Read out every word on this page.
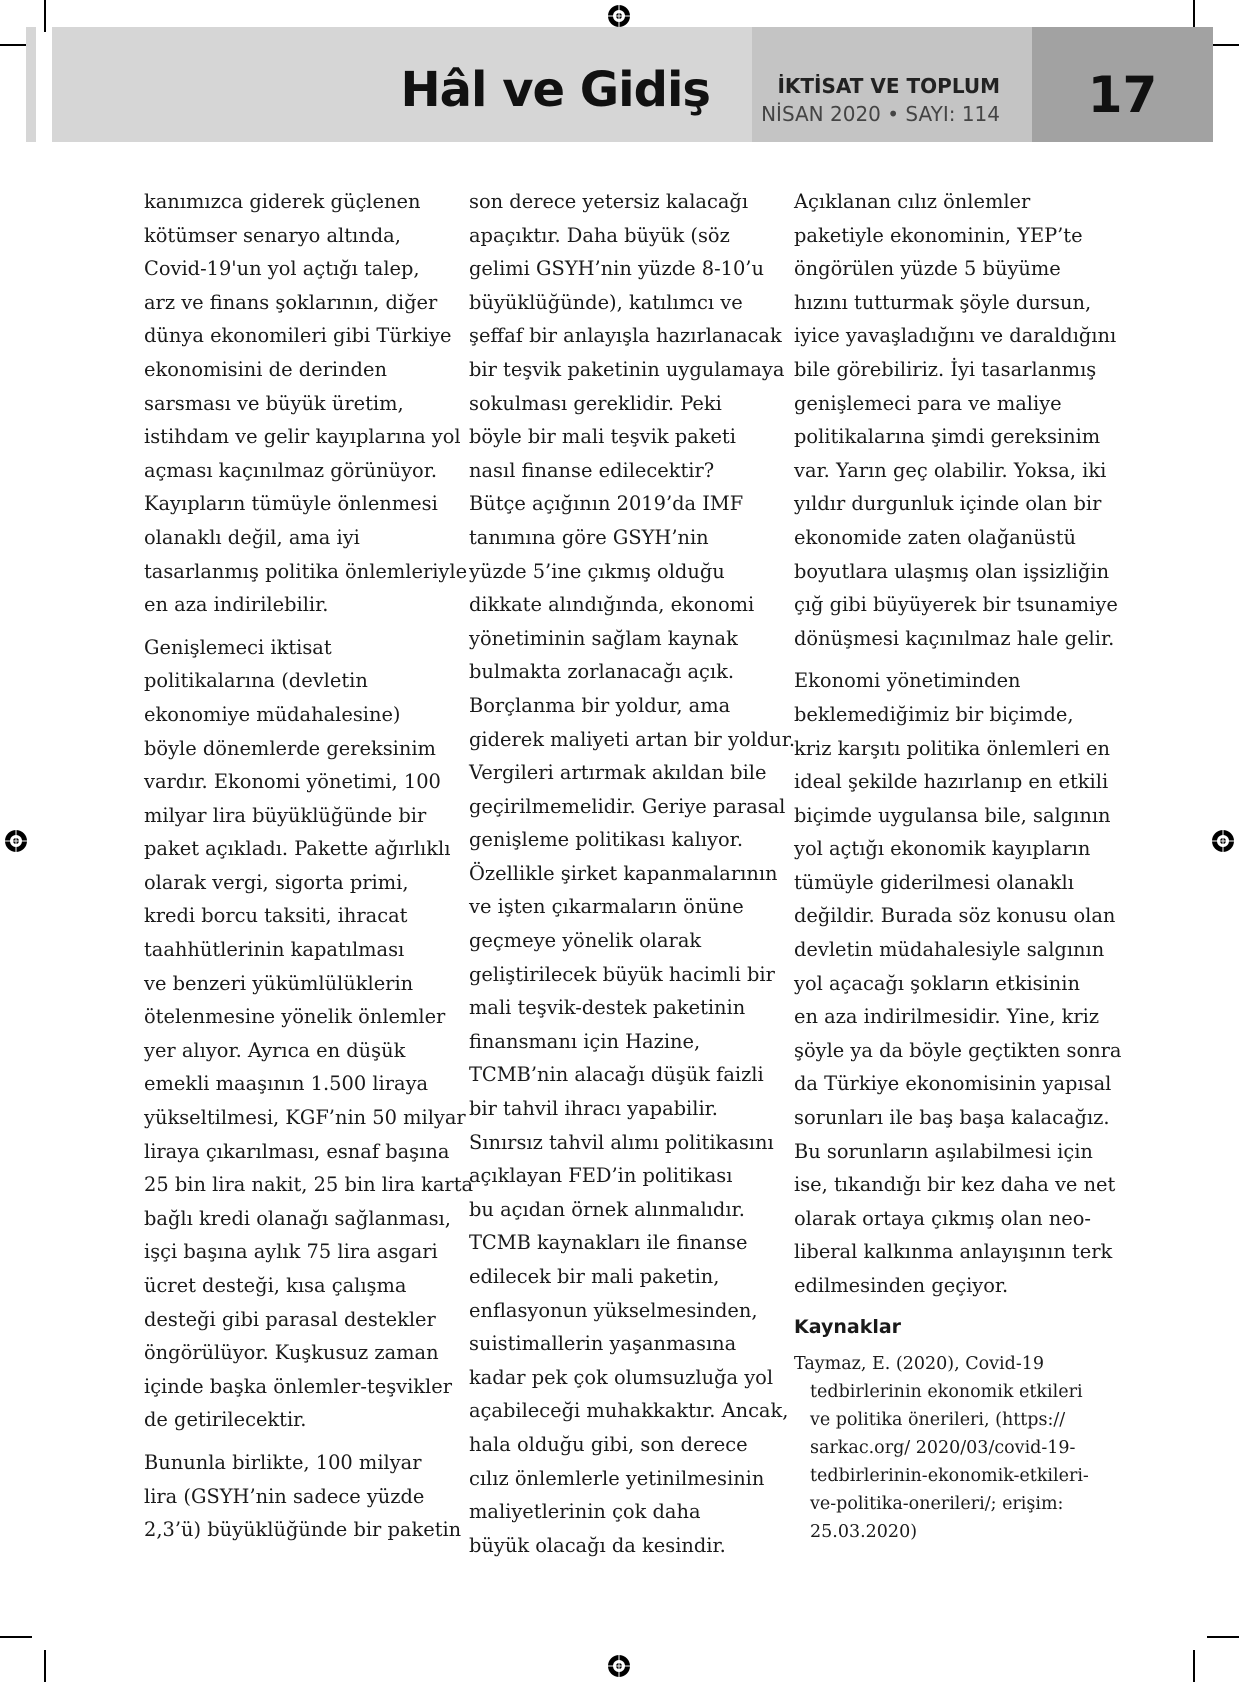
Hâl ve Gidiş	İKTİSAT VE TOPLUM
NİSAN 2020 • SAYI: 114	17

kanımızca giderek güçlenen
kötümser senaryo altında,
Covid-19'un yol açtığı talep,
arz ve finans şoklarının, diğer
dünya ekonomileri gibi Türkiye
ekonomisini de derinden
sarsması ve büyük üretim,
istihdam ve gelir kayıplarına yol
açması kaçınılmaz görünüyor.
Kayıpların tümüyle önlenmesi
olanaklı değil, ama iyi
tasarlanmış politika önlemleriyle
en aza indirilebilir.

Genişlemeci iktisat
politikalarına (devletin
ekonomiye müdahalesine)
böyle dönemlerde gereksinim
vardır. Ekonomi yönetimi, 100
milyar lira büyüklüğünde bir
paket açıkladı. Pakette ağırlıklı
olarak vergi, sigorta primi,
kredi borcu taksiti, ihracat
taahhütlerinin kapatılması
ve benzeri yükümlülüklerin
ötelenmesine yönelik önlemler
yer alıyor. Ayrıca en düşük
emekli maaşının 1.500 liraya
yükseltilmesi, KGF’nin 50 milyar
liraya çıkarılması, esnaf başına
25 bin lira nakit, 25 bin lira karta
bağlı kredi olanağı sağlanması,
işçi başına aylık 75 lira asgari
ücret desteği, kısa çalışma
desteği gibi parasal destekler
öngörülüyor. Kuşkusuz zaman
içinde başka önlemler-teşvikler
de getirilecektir.

Bununla birlikte, 100 milyar
lira (GSYH’nin sadece yüzde
2,3’ü) büyüklüğünde bir paketin

son derece yetersiz kalacağı
apaçıktır. Daha büyük (söz
gelimi GSYH’nin yüzde 8-10’u
büyüklüğünde), katılımcı ve
şeffaf bir anlayışla hazırlanacak
bir teşvik paketinin uygulamaya
sokulması gereklidir. Peki
böyle bir mali teşvik paketi
nasıl finanse edilecektir?
Bütçe açığının 2019’da IMF
tanımına göre GSYH’nin
yüzde 5’ine çıkmış olduğu
dikkate alındığında, ekonomi
yönetiminin sağlam kaynak
bulmakta zorlanacağı açık.
Borçlanma bir yoldur, ama
giderek maliyeti artan bir yoldur.
Vergileri artırmak akıldan bile
geçirilmemelidir. Geriye parasal
genişleme politikası kalıyor.
Özellikle şirket kapanmalarının
ve işten çıkarmaların önüne
geçmeye yönelik olarak
geliştirilecek büyük hacimli bir
mali teşvik-destek paketinin
finansmanı için Hazine,
TCMB’nin alacağı düşük faizli
bir tahvil ihracı yapabilir.
Sınırsız tahvil alımı politikasını
açıklayan FED’in politikası
bu açıdan örnek alınmalıdır.
TCMB kaynakları ile finanse
edilecek bir mali paketin,
enflasyonun yükselmesinden,
suistimallerin yaşanmasına
kadar pek çok olumsuzluğa yol
açabileceği muhakkaktır. Ancak,
hala olduğu gibi, son derece
cılız önlemlerle yetinilmesinin
maliyetlerinin çok daha
büyük olacağı da kesindir.

Açıklanan cılız önlemler
paketiyle ekonominin, YEP’te
öngörülen yüzde 5 büyüme
hızını tutturmak şöyle dursun,
iyice yavaşladığını ve daraldığını
bile görebiliriz. İyi tasarlanmış
genişlemeci para ve maliye
politikalarına şimdi gereksinim
var. Yarın geç olabilir. Yoksa, iki
yıldır durgunluk içinde olan bir
ekonomide zaten olağanüstü
boyutlara ulaşmış olan işsizliğin
çığ gibi büyüyerek bir tsunamiye
dönüşmesi kaçınılmaz hale gelir.

Ekonomi yönetiminden
beklemediğimiz bir biçimde,
kriz karşıtı politika önlemleri en
ideal şekilde hazırlanıp en etkili
biçimde uygulansa bile, salgının
yol açtığı ekonomik kayıpların
tümüyle giderilmesi olanaklı
değildir. Burada söz konusu olan
devletin müdahalesiyle salgının
yol açacağı şokların etkisinin
en aza indirilmesidir. Yine, kriz
şöyle ya da böyle geçtikten sonra
da Türkiye ekonomisinin yapısal
sorunları ile baş başa kalacağız.
Bu sorunların aşılabilmesi için
ise, tıkandığı bir kez daha ve net
olarak ortaya çıkmış olan neo-
liberal kalkınma anlayışının terk
edilmesinden geçiyor.

Kaynaklar
Taymaz, E. (2020), Covid-19
tedbirlerinin ekonomik etkileri
ve politika önerileri, (https://
sarkac.org/ 2020/03/covid-19-
tedbirlerinin-ekonomik-etkileri-
ve-politika-onerileri/; erişim:
25.03.2020)
